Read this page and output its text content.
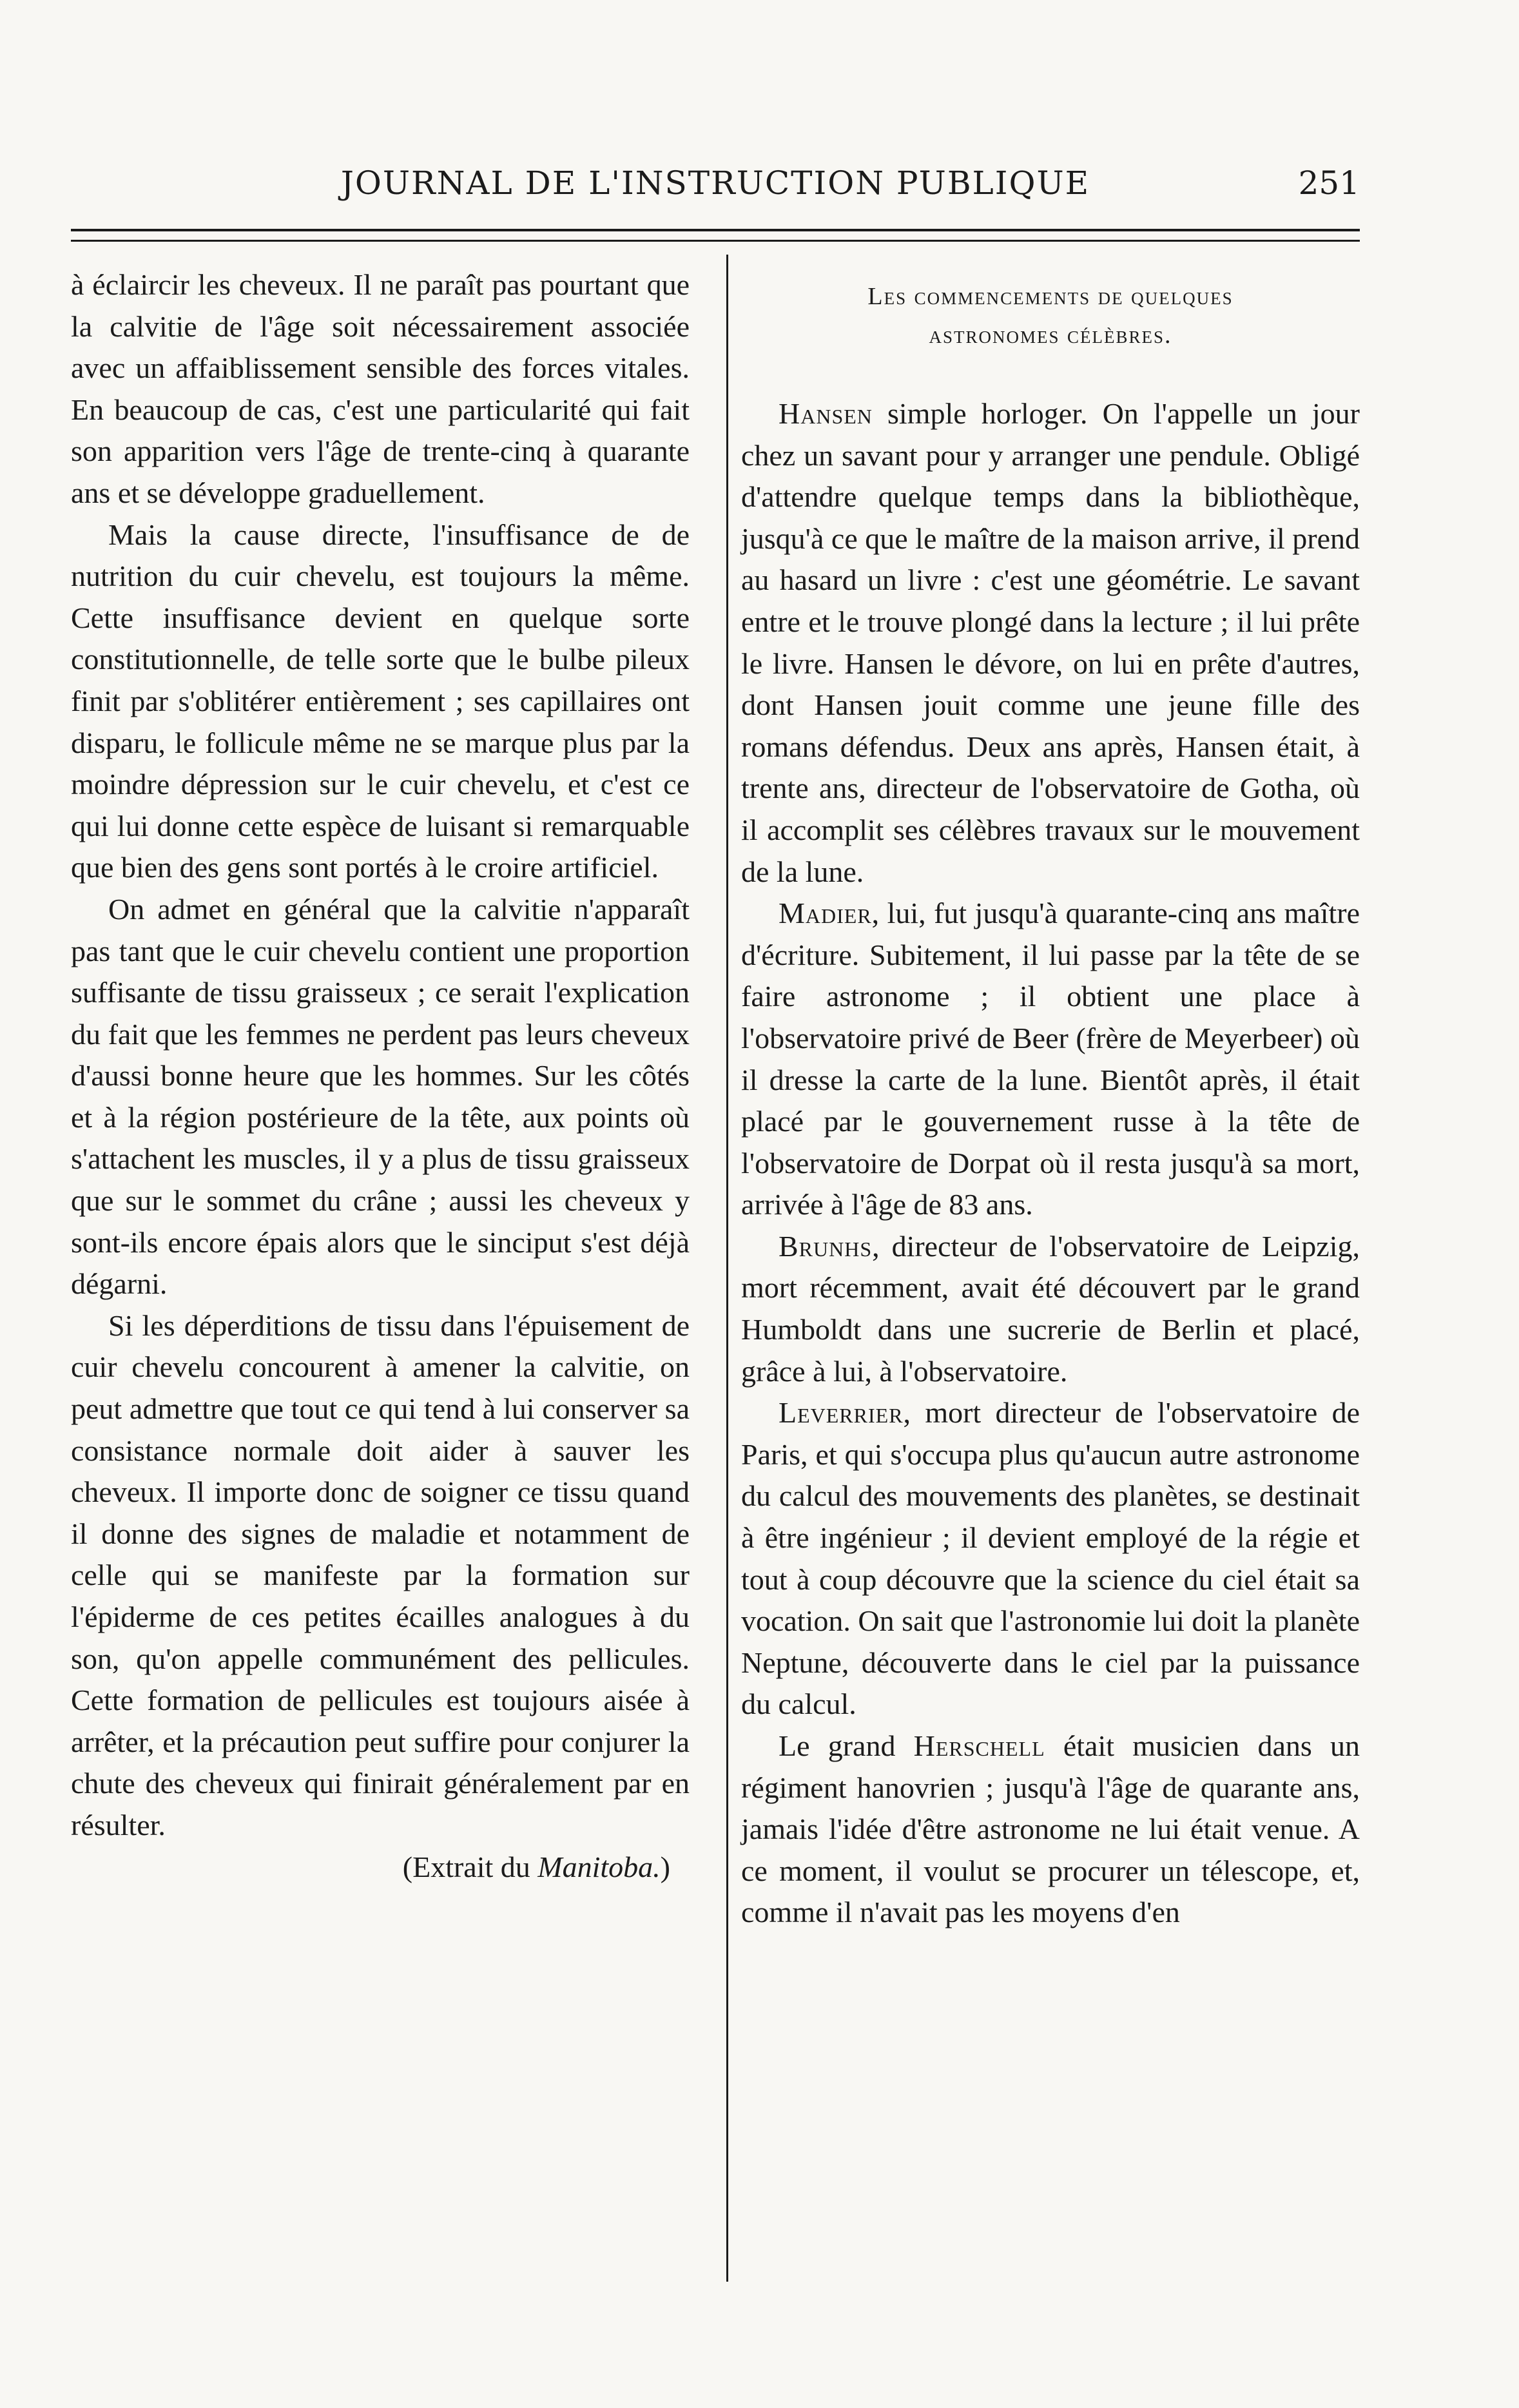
JOURNAL DE L'INSTRUCTION PUBLIQUE	251

à éclaircir les cheveux. Il ne paraît pas pourtant que la calvitie de l'âge soit nécessairement associée avec un affaiblissement sensible des forces vitales. En beaucoup de cas, c'est une particularité qui fait son apparition vers l'âge de trente-cinq à quarante ans et se développe graduellement.

Mais la cause directe, l'insuffisance de de nutrition du cuir chevelu, est toujours la même. Cette insuffisance devient en quelque sorte constitutionnelle, de telle sorte que le bulbe pileux finit par s'oblitérer entièrement ; ses capillaires ont disparu, le follicule même ne se marque plus par la moindre dépression sur le cuir chevelu, et c'est ce qui lui donne cette espèce de luisant si remarquable que bien des gens sont portés à le croire artificiel.

On admet en général que la calvitie n'apparaît pas tant que le cuir chevelu contient une proportion suffisante de tissu graisseux ; ce serait l'explication du fait que les femmes ne perdent pas leurs cheveux d'aussi bonne heure que les hommes. Sur les côtés et à la région postérieure de la tête, aux points où s'attachent les muscles, il y a plus de tissu graisseux que sur le sommet du crâne ; aussi les cheveux y sont-ils encore épais alors que le sinciput s'est déjà dégarni.

Si les déperditions de tissu dans l'épuisement de cuir chevelu concourent à amener la calvitie, on peut admettre que tout ce qui tend à lui conserver sa consistance normale doit aider à sauver les cheveux. Il importe donc de soigner ce tissu quand il donne des signes de maladie et notamment de celle qui se manifeste par la formation sur l'épiderme de ces petites écailles analogues à du son, qu'on appelle communément des pellicules. Cette formation de pellicules est toujours aisée à arrêter, et la précaution peut suffire pour conjurer la chute des cheveux qui finirait généralement par en résulter.

(Extrait du Manitoba.)

Les commencements de quelques
astronomes célèbres.

Hansen simple horloger. On l'appelle un jour chez un savant pour y arranger une pendule. Obligé d'attendre quelque temps dans la bibliothèque, jusqu'à ce que le maître de la maison arrive, il prend au hasard un livre : c'est une géométrie. Le savant entre et le trouve plongé dans la lecture ; il lui prête le livre. Hansen le dévore, on lui en prête d'autres, dont Hansen jouit comme une jeune fille des romans défendus. Deux ans après, Hansen était, à trente ans, directeur de l'observatoire de Gotha, où il accomplit ses célèbres travaux sur le mouvement de la lune.

Madier, lui, fut jusqu'à quarante-cinq ans maître d'écriture. Subitement, il lui passe par la tête de se faire astronome ; il obtient une place à l'observatoire privé de Beer (frère de Meyerbeer) où il dresse la carte de la lune. Bientôt après, il était placé par le gouvernement russe à la tête de l'observatoire de Dorpat où il resta jusqu'à sa mort, arrivée à l'âge de 83 ans.

Brunhs, directeur de l'observatoire de Leipzig, mort récemment, avait été découvert par le grand Humboldt dans une sucrerie de Berlin et placé, grâce à lui, à l'observatoire.

Leverrier, mort directeur de l'observatoire de Paris, et qui s'occupa plus qu'aucun autre astronome du calcul des mouvements des planètes, se destinait à être ingénieur ; il devient employé de la régie et tout à coup découvre que la science du ciel était sa vocation. On sait que l'astronomie lui doit la planète Neptune, découverte dans le ciel par la puissance du calcul.

Le grand Herschell était musicien dans un régiment hanovrien ; jusqu'à l'âge de quarante ans, jamais l'idée d'être astronome ne lui était venue. A ce moment, il voulut se procurer un télescope, et, comme il n'avait pas les moyens d'en
